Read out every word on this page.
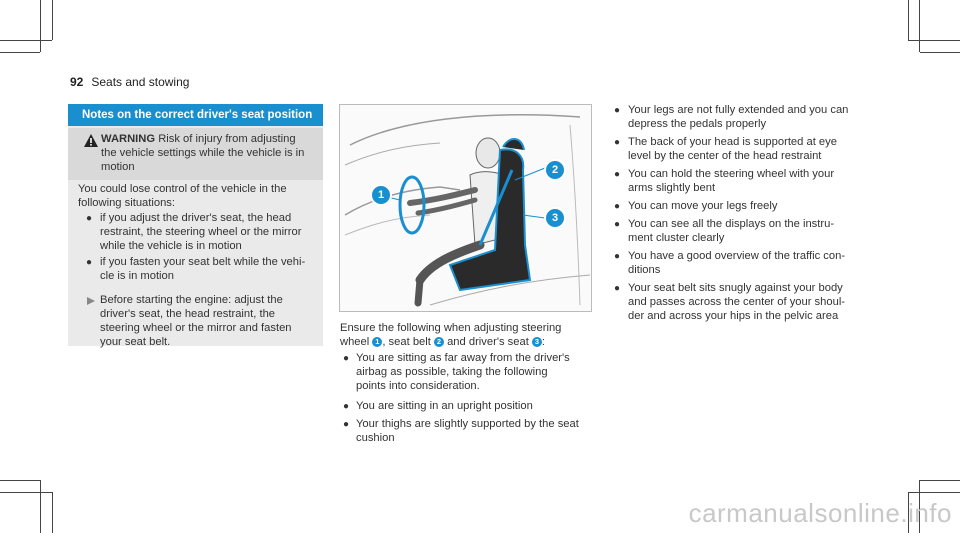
92 Seats and stowing
Notes on the correct driver's seat position
WARNING Risk of injury from adjusting
the vehicle settings while the vehicle is in
motion
You could lose control of the vehicle in the
following situations:
● if you adjust the driver's seat, the head
restraint, the steering wheel or the mirror
while the vehicle is in motion
● if you fasten your seat belt while the vehi-
cle is in motion
Before starting the engine: adjust the
driver's seat, the head restraint, the
steering wheel or the mirror and fasten
your seat belt.
1
2
3
Ensure the following when adjusting steering
wheel 1 , seat belt 2 and driver's seat 3 :
● You are sitting as far away from the driver's
airbag as possible, taking the following
points into consideration.
● You are sitting in an upright position
● Your thighs are slightly supported by the seat
cushion
● Your legs are not fully extended and you can
depress the pedals properly
● The back of your head is supported at eye
level by the center of the head restraint
● You can hold the steering wheel with your
arms slightly bent
● You can move your legs freely
● You can see all the displays on the instru-
ment cluster clearly
● You have a good overview of the traffic con-
ditions
● Your seat belt sits snugly against your body
and passes across the center of your shoul-
der and across your hips in the pelvic area
carmanualsonline.info
